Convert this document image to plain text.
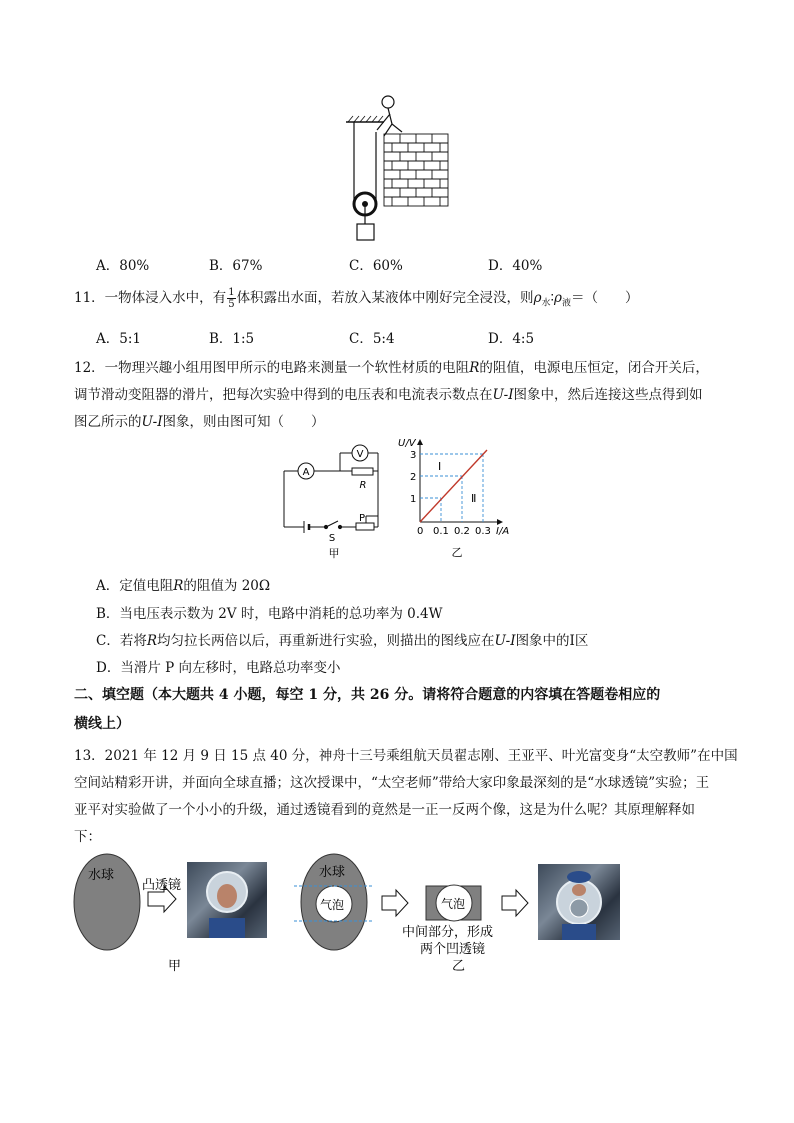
A．80%	B．67%	C．60%	D．40%
11．一物体浸入水中，有 $\frac{1}{5}$ 体积露出水面，若放入某液体中刚好完全浸没，则$\rho_水∶\rho_液=$（　　）
A．5:1	B．1:5	C．5:4	D．4:5
12．一物理兴趣小组用图甲所示的电路来测量一个软性材质的电阻R的阻值，电源电压恒定，闭合开关后，
调节滑动变阻器的滑片，把每次实验中得到的电压表和电流表示数点在U-I图象中，然后连接这些点得到如
图乙所示的U-I图象，则由图可知（　　）
A
V
R
S
P
甲
U/V
1
2
3
0 0.1 0.2 0.3 I/A
Ⅰ
Ⅱ
乙
A．定值电阻R的阻值为 20Ω
B．当电压表示数为 2V 时，电路中消耗的总功率为 0.4W
C．若将R均匀拉长两倍以后，再重新进行实验，则描出的图线应在U-I图象中的Ⅰ区
D．当滑片 P 向左移时，电路总功率变小
二、填空题（本大题共 4 小题，每空 1 分，共 26 分。请将符合题意的内容填在答题卷相应的
横线上）
13．2021 年 12 月 9 日 15 点 40 分，神舟十三号乘组航天员翟志刚、王亚平、叶光富变身“太空教师”在中国
空间站精彩开讲，并面向全球直播；这次授课中，“太空老师”带给大家印象最深刻的是“水球透镜”实验；王
亚平对实验做了一个小小的升级，通过透镜看到的竟然是一正一反两个像，这是为什么呢？其原理解释如
下：
水球
凸透镜
甲
水球
气泡	气泡
中间部分，形成
两个凹透镜
乙
